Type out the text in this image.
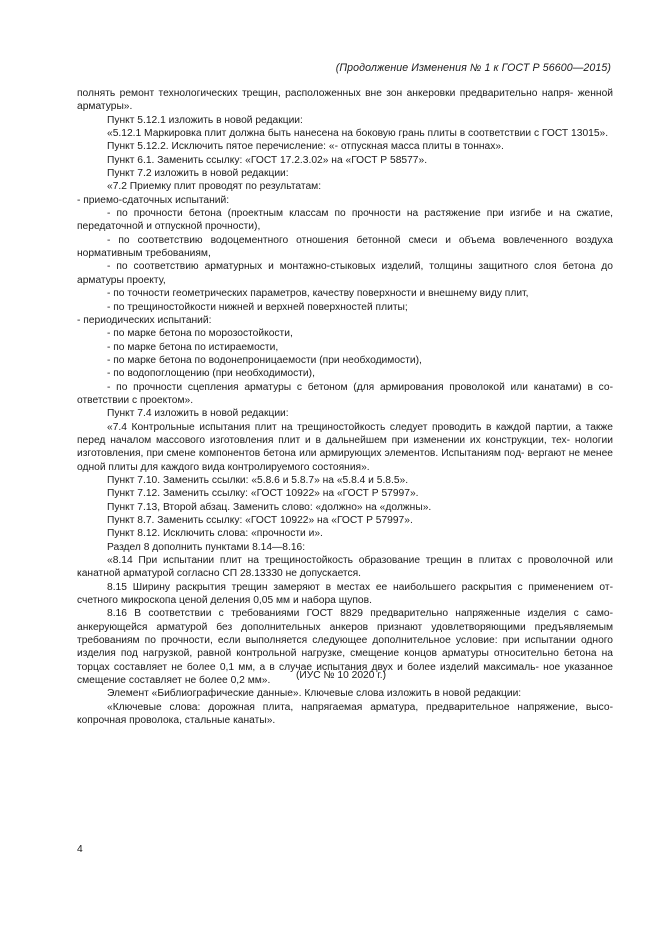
(Продолжение Изменения № 1 к ГОСТ Р 56600—2015)

полнять ремонт технологических трещин, расположенных вне зон анкеровки предварительно напря- женной арматуры».

Пункт 5.12.1 изложить в новой редакции:

«5.12.1 Маркировка плит должна быть нанесена на боковую грань плиты в соответствии с ГОСТ 13015».

Пункт 5.12.2. Исключить пятое перечисление: «- отпускная масса плиты в тоннах».

Пункт 6.1. Заменить ссылку: «ГОСТ 17.2.3.02» на «ГОСТ Р 58577».

Пункт 7.2 изложить в новой редакции:

«7.2 Приемку плит проводят по результатам:

- приемо-сдаточных испытаний:

- по прочности бетона (проектным классам по прочности на растяжение при изгибе и на сжатие, передаточной и отпускной прочности),

- по соответствию водоцементного отношения бетонной смеси и объема вовлеченного воздуха нормативным требованиям,

- по соответствию арматурных и монтажно-стыковых изделий, толщины защитного слоя бетона до арматуры проекту,

- по точности геометрических параметров, качеству поверхности и внешнему виду плит,

- по трещиностойкости нижней и верхней поверхностей плиты;

- периодических испытаний:

- по марке бетона по морозостойкости,

- по марке бетона по истираемости,

- по марке бетона по водонепроницаемости (при необходимости),

- по водопоглощению (при необходимости),

- по прочности сцепления арматуры с бетоном (для армирования проволокой или канатами) в со- ответствии с проектом».

Пункт 7.4 изложить в новой редакции:

«7.4 Контрольные испытания плит на трещиностойкость следует проводить в каждой партии, а также перед началом массового изготовления плит и в дальнейшем при изменении их конструкции, тех- нологии изготовления, при смене компонентов бетона или армирующих элементов. Испытаниям под- вергают не менее одной плиты для каждого вида контролируемого состояния».

Пункт 7.10. Заменить ссылки: «5.8.6 и 5.8.7» на «5.8.4 и 5.8.5».

Пункт 7.12. Заменить ссылку: «ГОСТ 10922» на «ГОСТ Р 57997».

Пункт 7.13, Второй абзац. Заменить слово: «должно» на «должны».

Пункт 8.7. Заменить ссылку: «ГОСТ 10922» на «ГОСТ Р 57997».

Пункт 8.12. Исключить слова: «прочности и».

Раздел 8 дополнить пунктами 8.14—8.16:

«8.14 При испытании плит на трещиностойкость образование трещин в плитах с проволочной или канатной арматурой согласно СП 28.13330 не допускается.

8.15 Ширину раскрытия трещин замеряют в местах ее наибольшего раскрытия с применением от- счетного микроскопа ценой деления 0,05 мм и набора щупов.

8.16 В соответствии с требованиями ГОСТ 8829 предварительно напряженные изделия с само- анкерующейся арматурой без дополнительных анкеров признают удовлетворяющими предъявляемым требованиям по прочности, если выполняется следующее дополнительное условие: при испытании одного изделия под нагрузкой, равной контрольной нагрузке, смещение концов арматуры относительно бетона на торцах составляет не более 0,1 мм, а в случае испытания двух и более изделий максималь- ное указанное смещение составляет не более 0,2 мм».

Элемент «Библиографические данные». Ключевые слова изложить в новой редакции:

«Ключевые слова: дорожная плита, напрягаемая арматура, предварительное напряжение, высо- копрочная проволока, стальные канаты».

(ИУС № 10 2020 г.)
4
